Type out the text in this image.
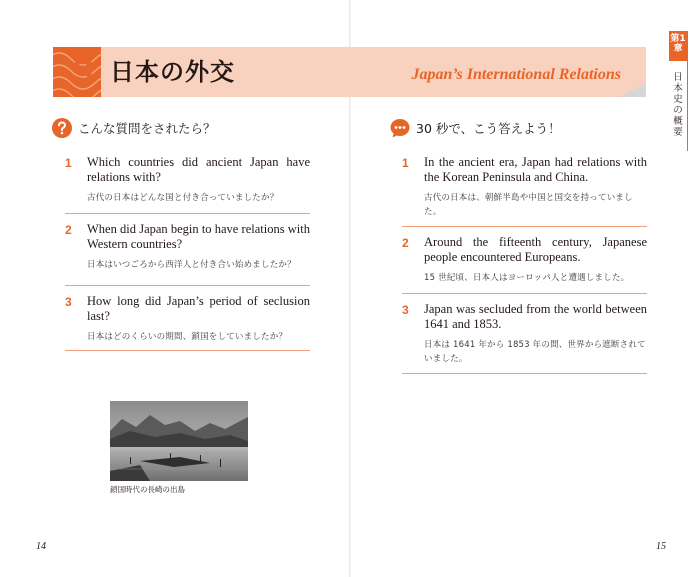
3 日本の外交	Japan’s International Relations
第1章
日本史の概要
こんな質問をされたら？
1 Which countries did ancient Japan have relations with?
古代の日本はどんな国と付き合っていましたか？
2 When did Japan begin to have relations with Western countries?
日本はいつごろから西洋人と付き合い始めましたか？
3 How long did Japan’s period of seclusion last?
日本はどのくらいの期間、鎖国をしていましたか？
30 秒で、こう答えよう！
1 In the ancient era, Japan had relations with the Korean Peninsula and China.
古代の日本は、朝鮮半島や中国と国交を持っていました。
2 Around the fifteenth century, Japanese people encountered Europeans.
15 世紀頃、日本人はヨーロッパ人と遭遇しました。
3 Japan was secluded from the world between 1641 and 1853.
日本は 1641 年から 1853 年の間、世界から遮断されていました。
鎖国時代の長崎の出島
14	15
